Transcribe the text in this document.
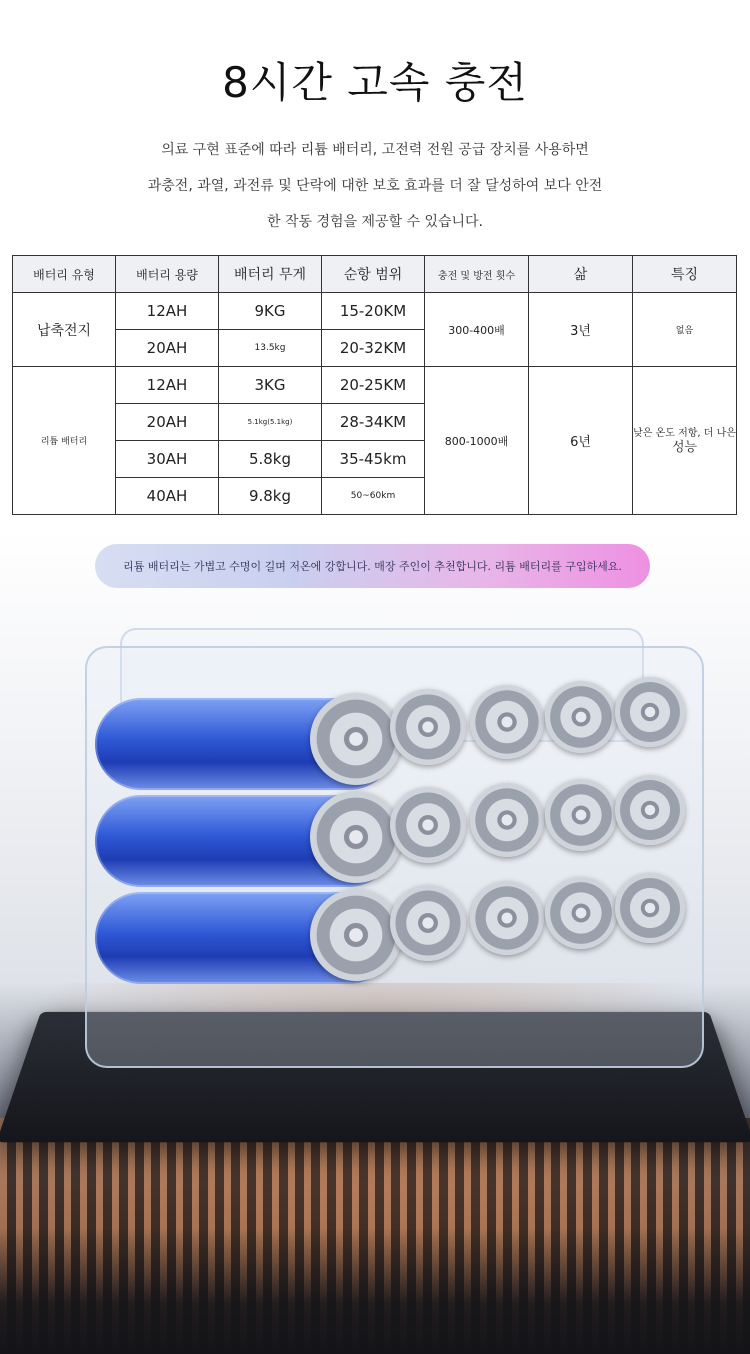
8시간 고속 충전
의료 구현 표준에 따라 리튬 배터리, 고전력 전원 공급 장치를 사용하면
과충전, 과열, 과전류 및 단락에 대한 보호 효과를 더 잘 달성하여 보다 안전
한 작동 경험을 제공할 수 있습니다.
배터리 유형	배터리 용량	배터리 무게	순항 범위	충전 및 방전 횟수	삶	특징
납축전지	12AH	9KG	15-20KM	300-400배	3년	없음
	20AH	13.5kg	20-32KM			
리튬 배터리	12AH	3KG	20-25KM	800-1000배	6년	낮은 온도 저항, 더 나은
성능

	20AH	5.1kg(5.1kg)	28-34KM			
	30AH	5.8kg	35-45km			
	40AH	9.8kg	50~60km			
리튬 배터리는 가볍고 수명이 길며 저온에 강합니다. 매장 주인이 추천합니다. 리튬 배터리를 구입하세요.
